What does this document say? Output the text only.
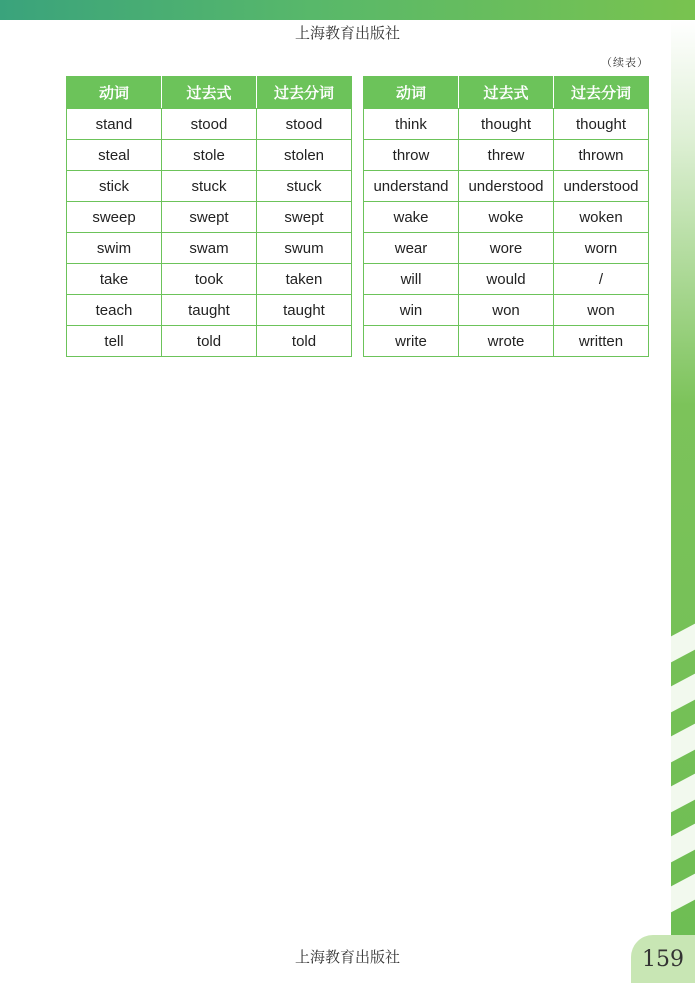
上海教育出版社
（续表）
动词	过去式	过去分词
stand	stood	stood
steal	stole	stolen
stick	stuck	stuck
sweep	swept	swept
swim	swam	swum
take	took	taken
teach	taught	taught
tell	told	told
动词	过去式	过去分词
think	thought	thought
throw	threw	thrown
understand	understood	understood
wake	woke	woken
wear	wore	worn
will	would	/
win	won	won
write	wrote	written
上海教育出版社	159
